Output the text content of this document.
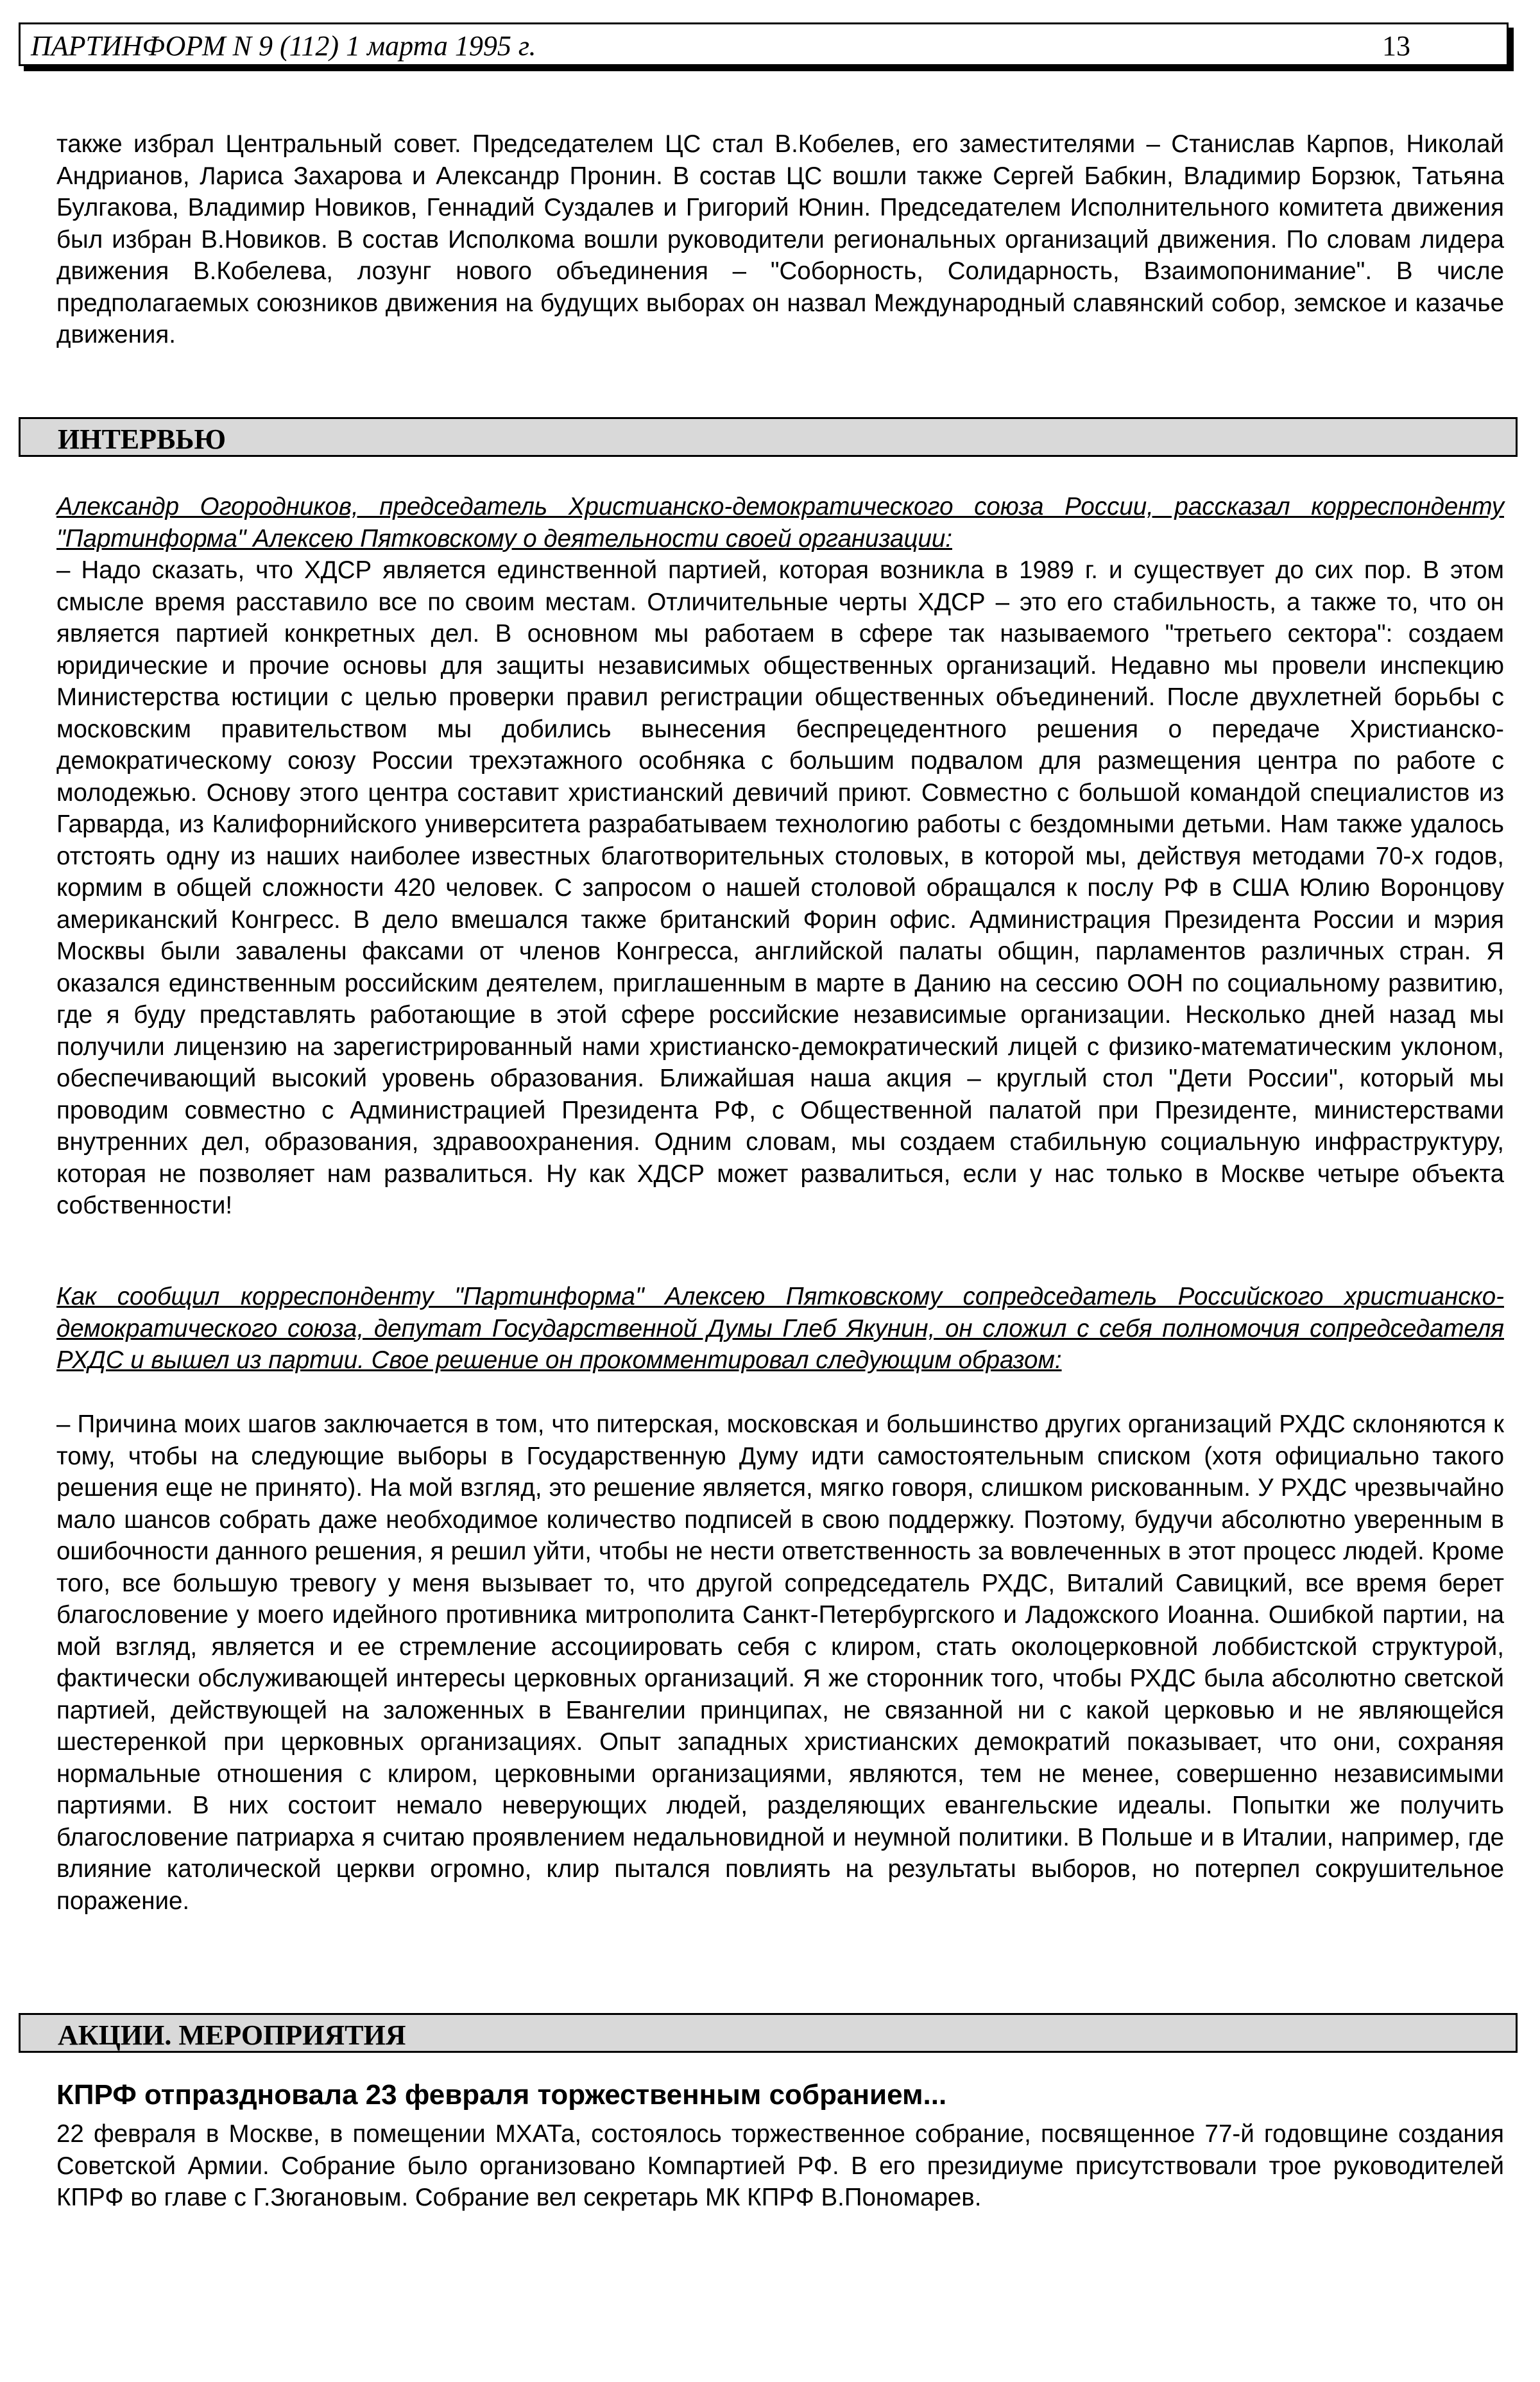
ПАРТИНФОРМ N 9 (112) 1 марта 1995 г.	13

также избрал Центральный совет. Председателем ЦС стал В.Кобелев, его заместителями – Станислав Карпов, Николай Андрианов, Лариса Захарова и Александр Пронин. В состав ЦС вошли также Сергей Бабкин, Владимир Борзюк, Татьяна Булгакова, Владимир Новиков, Геннадий Суздалев и Григорий Юнин. Председателем Исполнительного комитета движения был избран В.Новиков. В состав Исполкома вошли руководители региональных организаций движения. По словам лидера движения В.Кобелева, лозунг нового объединения – "Соборность, Солидарность, Взаимопонимание". В числе предполагаемых союзников движения на будущих выборах он назвал Международный славянский собор, земское и казачье движения.

ИНТЕРВЬЮ

Александр Огородников, председатель Христианско-демократического союза России, рассказал корреспонденту "Партинформа" Алексею Пятковскому о деятельности своей организации:

– Надо сказать, что ХДСР является единственной партией, которая возникла в 1989 г. и существует до сих пор. В этом смысле время расставило все по своим местам. Отличительные черты ХДСР – это его стабильность, а также то, что он является партией конкретных дел. В основном мы работаем в сфере так называемого "третьего сектора": создаем юридические и прочие основы для защиты независимых общественных организаций. Недавно мы провели инспекцию Министерства юстиции с целью проверки правил регистрации общественных объединений. После двухлетней борьбы с московским правительством мы добились вынесения беспрецедентного решения о передаче Христианско-демократическому союзу России трехэтажного особняка с большим подвалом для размещения центра по работе с молодежью. Основу этого центра составит христианский девичий приют. Совместно с большой командой специалистов из Гарварда, из Калифорнийского университета разрабатываем технологию работы с бездомными детьми. Нам также удалось отстоять одну из наших наиболее известных благотворительных столовых, в которой мы, действуя методами 70-х годов, кормим в общей сложности 420 человек. С запросом о нашей столовой обращался к послу РФ в США Юлию Воронцову американский Конгресс. В дело вмешался также британский Форин офис. Администрация Президента России и мэрия Москвы были завалены факсами от членов Конгресса, английской палаты общин, парламентов различных стран. Я оказался единственным российским деятелем, приглашенным в марте в Данию на сессию ООН по социальному развитию, где я буду представлять работающие в этой сфере российские независимые организации. Несколько дней назад мы получили лицензию на зарегистрированный нами христианско-демократический лицей с физико-математическим уклоном, обеспечивающий высокий уровень образования. Ближайшая наша акция – круглый стол "Дети России", который мы проводим совместно с Администрацией Президента РФ, с Общественной палатой при Президенте, министерствами внутренних дел, образования, здравоохранения. Одним словам, мы создаем стабильную социальную инфраструктуру, которая не позволяет нам развалиться. Ну как ХДСР может развалиться, если у нас только в Москве четыре объекта собственности!

Как сообщил корреспонденту "Партинформа" Алексею Пятковскому сопредседатель Российского христианско-демократического союза, депутат Государственной Думы Глеб Якунин, он сложил с себя полномочия сопредседателя РХДС и вышел из партии. Свое решение он прокомментировал следующим образом:

– Причина моих шагов заключается в том, что питерская, московская и большинство других организаций РХДС склоняются к тому, чтобы на следующие выборы в Государственную Думу идти самостоятельным списком (хотя официально такого решения еще не принято). На мой взгляд, это решение является, мягко говоря, слишком рискованным. У РХДС чрезвычайно мало шансов собрать даже необходимое количество подписей в свою поддержку. Поэтому, будучи абсолютно уверенным в ошибочности данного решения, я решил уйти, чтобы не нести ответственность за вовлеченных в этот процесс людей. Кроме того, все большую тревогу у меня вызывает то, что другой сопредседатель РХДС, Виталий Савицкий, все время берет благословение у моего идейного противника митрополита Санкт-Петербургского и Ладожского Иоанна. Ошибкой партии, на мой взгляд, является и ее стремление ассоциировать себя с клиром, стать околоцерковной лоббистской структурой, фактически обслуживающей интересы церковных организаций. Я же сторонник того, чтобы РХДС была абсолютно светской партией, действующей на заложенных в Евангелии принципах, не связанной ни с какой церковью и не являющейся шестеренкой при церковных организациях. Опыт западных христианских демократий показывает, что они, сохраняя нормальные отношения с клиром, церковными организациями, являются, тем не менее, совершенно независимыми партиями. В них состоит немало неверующих людей, разделяющих евангельские идеалы. Попытки же получить благословение патриарха я считаю проявлением недальновидной и неумной политики. В Польше и в Италии, например, где влияние католической церкви огромно, клир пытался повлиять на результаты выборов, но потерпел сокрушительное поражение.

АКЦИИ. МЕРОПРИЯТИЯ
КПРФ отпраздновала 23 февраля торжественным собранием...

22 февраля в Москве, в помещении МХАТа, состоялось торжественное собрание, посвященное 77-й годовщине создания Советской Армии. Собрание было организовано Компартией РФ. В его президиуме присутствовали трое руководителей КПРФ во главе с Г.Зюгановым. Собрание вел секретарь МК КПРФ В.Пономарев.
